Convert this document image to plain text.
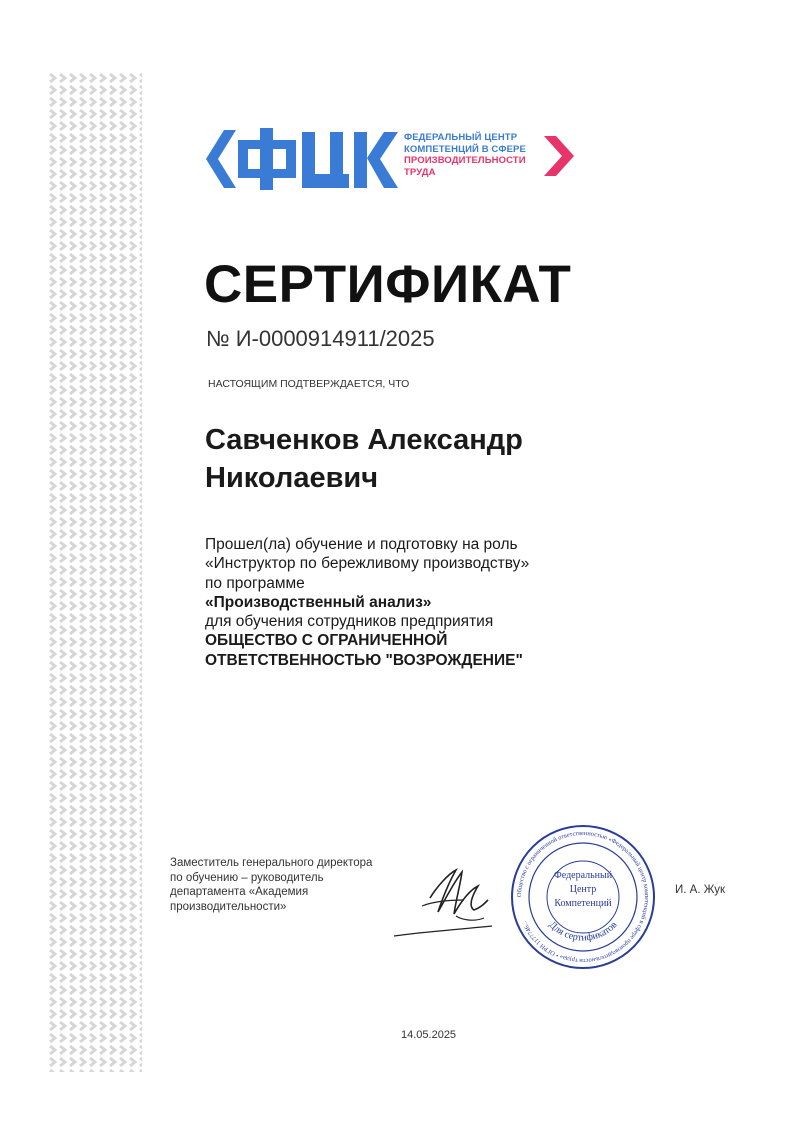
ФЕДЕРАЛЬНЫЙ ЦЕНТР
КОМПЕТЕНЦИЙ В СФЕРЕ
ПРОИЗВОДИТЕЛЬНОСТИ
ТРУДА
СЕРТИФИКАТ
№ И-0000914911/2025
НАСТОЯЩИМ ПОДТВЕРЖДАЕТСЯ, ЧТО
Савченков Александр
Николаевич
Прошел(ла) обучение и подготовку на роль
«Инструктор по бережливому производству»
по программе
«Производственный анализ»
для обучения сотрудников предприятия
ОБЩЕСТВО С ОГРАНИЧЕННОЙ
ОТВЕТСТВЕННОСТЬЮ "ВОЗРОЖДЕНИЕ"
Заместитель генерального директора
по обучению – руководитель
департамента «Академия
производительности»
Общество с ограниченной ответственностью «Федеральный центр компетенций в сфере производительности труда» • ОГРН 1177746...	Для сертификатов
Федеральный
Центр
Компетенций
И. А. Жук
14.05.2025
